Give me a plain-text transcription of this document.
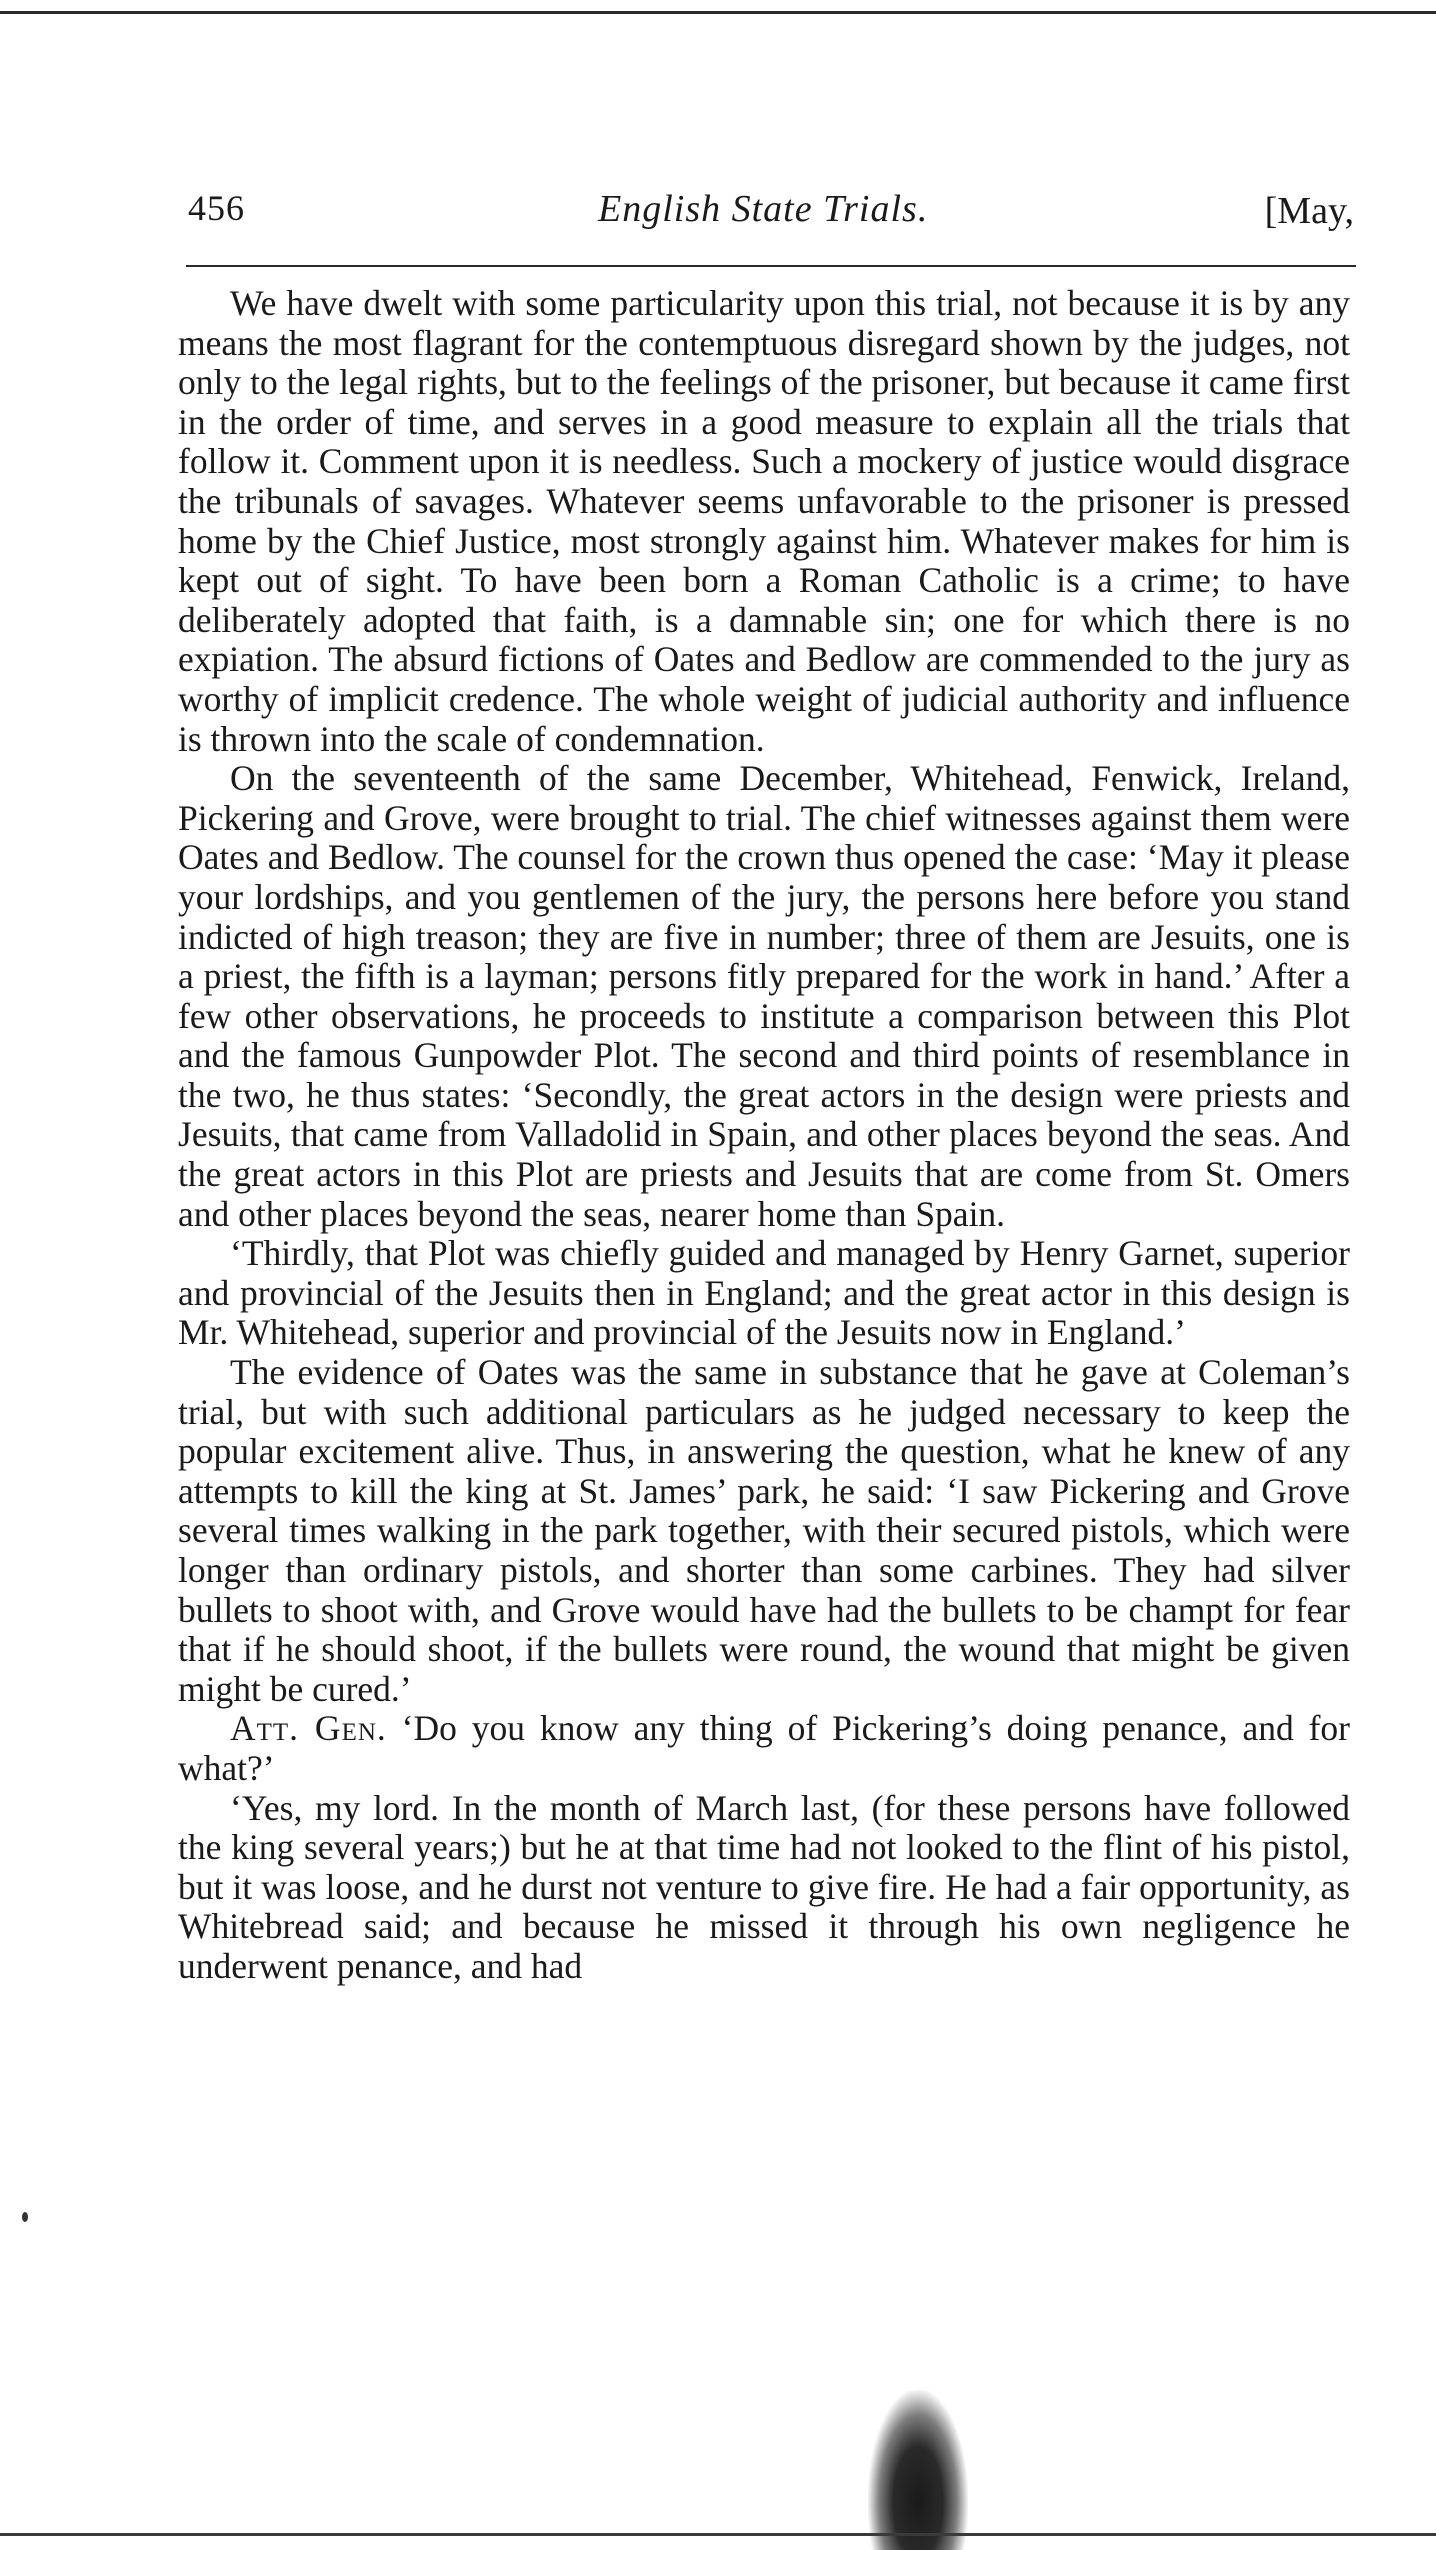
456	English State Trials.	[May,

We have dwelt with some particularity upon this trial, not because it is by any means the most flagrant for the contemptuous disregard shown by the judges, not only to the legal rights, but to the feelings of the prisoner, but because it came first in the order of time, and serves in a good measure to explain all the trials that follow it. Comment upon it is needless. Such a mockery of justice would disgrace the tribunals of savages. Whatever seems unfavorable to the prisoner is pressed home by the Chief Justice, most strongly against him. Whatever makes for him is kept out of sight. To have been born a Roman Catholic is a crime; to have deliberately adopted that faith, is a damnable sin; one for which there is no expiation. The absurd fictions of Oates and Bedlow are commended to the jury as worthy of implicit credence. The whole weight of judicial authority and influence is thrown into the scale of condemnation.

On the seventeenth of the same December, Whitehead, Fenwick, Ireland, Pickering and Grove, were brought to trial. The chief witnesses against them were Oates and Bedlow. The counsel for the crown thus opened the case: ‘May it please your lordships, and you gentlemen of the jury, the persons here before you stand indicted of high treason; they are five in number; three of them are Jesuits, one is a priest, the fifth is a layman; persons fitly prepared for the work in hand.’ After a few other observations, he proceeds to institute a comparison between this Plot and the famous Gunpowder Plot. The second and third points of resemblance in the two, he thus states: ‘Secondly, the great actors in the design were priests and Jesuits, that came from Valladolid in Spain, and other places beyond the seas. And the great actors in this Plot are priests and Jesuits that are come from St. Omers and other places beyond the seas, nearer home than Spain.

‘Thirdly, that Plot was chiefly guided and managed by Henry Garnet, superior and provincial of the Jesuits then in England; and the great actor in this design is Mr. Whitehead, superior and provincial of the Jesuits now in England.’

The evidence of Oates was the same in substance that he gave at Coleman’s trial, but with such additional particulars as he judged necessary to keep the popular excitement alive. Thus, in answering the question, what he knew of any attempts to kill the king at St. James’ park, he said: ‘I saw Pickering and Grove several times walking in the park together, with their secured pistols, which were longer than ordinary pistols, and shorter than some carbines. They had silver bullets to shoot with, and Grove would have had the bullets to be champt for fear that if he should shoot, if the bullets were round, the wound that might be given might be cured.’

Att. Gen. ‘Do you know any thing of Pickering’s doing penance, and for what?’

‘Yes, my lord. In the month of March last, (for these persons have followed the king several years;) but he at that time had not looked to the flint of his pistol, but it was loose, and he durst not venture to give fire. He had a fair opportunity, as Whitebread said; and because he missed it through his own negligence he underwent penance, and had
